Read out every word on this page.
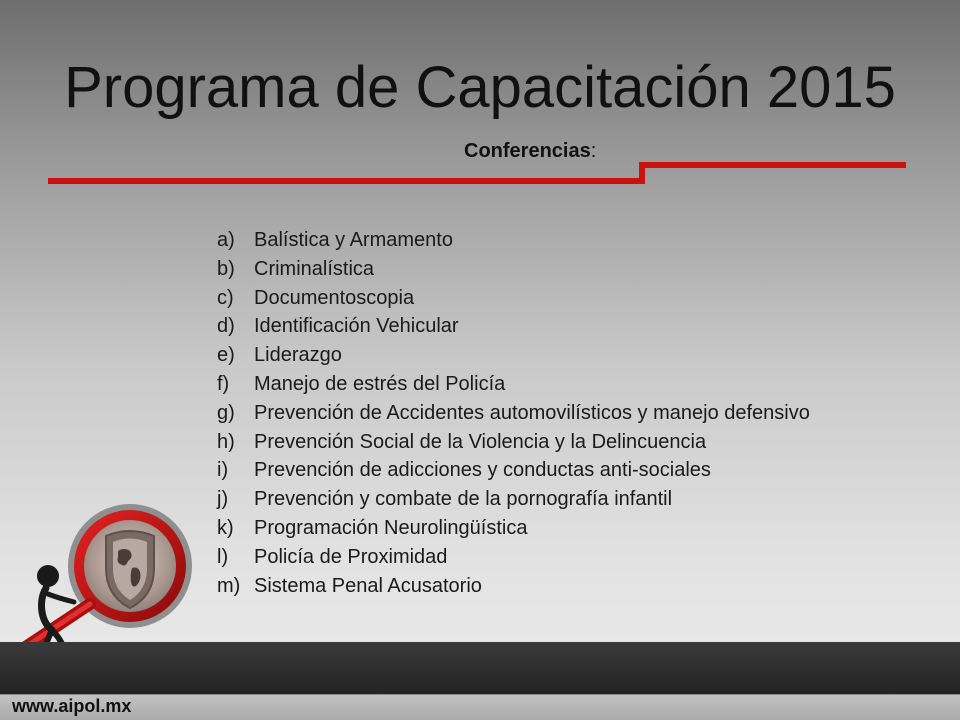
Programa de Capacitación 2015
Conferencias:
a) Balística y Armamento
b) Criminalística
c) Documentoscopia
d) Identificación Vehicular
e) Liderazgo
f) Manejo de estrés del Policía
g) Prevención de Accidentes automovilísticos y manejo defensivo
h) Prevención Social de la Violencia y la Delincuencia
i) Prevención de adicciones y conductas anti-sociales
j) Prevención y combate de la pornografía infantil
k) Programación Neurolingüística
l) Policía de Proximidad
m) Sistema Penal Acusatorio
www.aipol.mx
